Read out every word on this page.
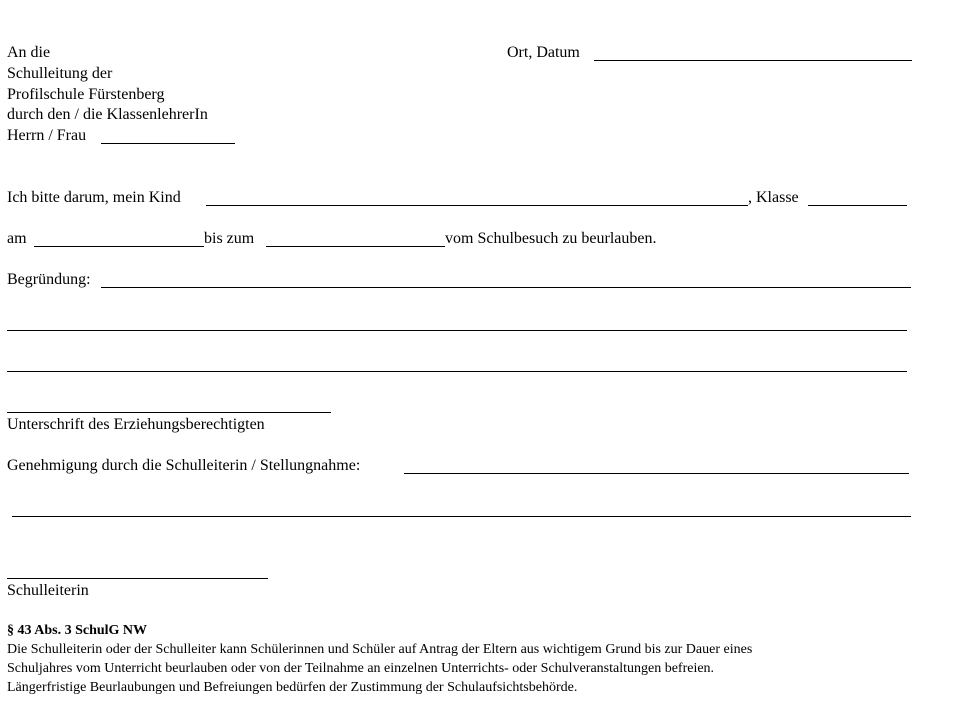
An die
Schulleitung der
Profilschule Fürstenberg
durch den / die KlassenlehrerIn
Herrn / Frau
Ort, Datum
Ich bitte darum, mein Kind	, Klasse
am	bis zum	vom Schulbesuch zu beurlauben.
Begründung:
Unterschrift des Erziehungsberechtigten
Genehmigung durch die Schulleiterin / Stellungnahme:
Schulleiterin
§ 43 Abs. 3 SchulG NW
Die Schulleiterin oder der Schulleiter kann Schülerinnen und Schüler auf Antrag der Eltern aus wichtigem Grund bis zur Dauer eines
Schuljahres vom Unterricht beurlauben oder von der Teilnahme an einzelnen Unterrichts- oder Schulveranstaltungen befreien.
Längerfristige Beurlaubungen und Befreiungen bedürfen der Zustimmung der Schulaufsichtsbehörde.
